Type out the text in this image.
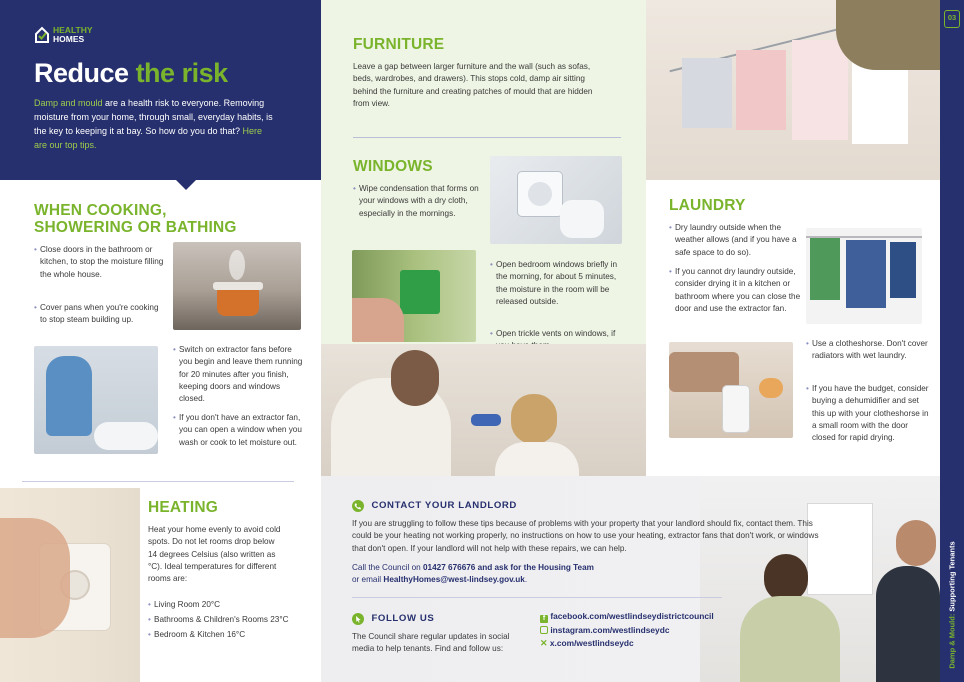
HEALTHY
HOMES
Reduce the risk
Damp and mould are a health risk to everyone. Removing moisture from your home, through small, everyday habits, is the key to keeping it at bay. So how do you do that? Here are our top tips.
WHEN COOKING,
SHOWERING OR BATHING
• Close doors in the bathroom or kitchen, to stop the moisture filling the whole house.
• Cover pans when you're cooking to stop steam building up.
• Switch on extractor fans before you begin and leave them running for 20 minutes after you finish, keeping doors and windows closed.
• If you don't have an extractor fan, you can open a window when you wash or cook to let moisture out.
HEATING

Heat your home evenly to avoid cold spots. Do not let rooms drop below 14 degrees Celsius (also written as °C). Ideal temperatures for different rooms are:

• Living Room 20°C
• Bathrooms & Children's Rooms 23°C
• Bedroom & Kitchen 16°C
FURNITURE

Leave a gap between larger furniture and the wall (such as sofas, beds, wardrobes, and drawers). This stops cold, damp air sitting behind the furniture and creating patches of mould that are hidden from view.

WINDOWS
• Wipe condensation that forms on your windows with a dry cloth, especially in the mornings.
• Open bedroom windows briefly in the morning, for about 5 minutes, the moisture in the room will be released outside.
• Open trickle vents on windows, if
LAUNDRY
• Dry laundry outside when the weather allows (and if you have a safe space to do so).
• If you cannot dry laundry outside, consider drying it in a kitchen or bathroom where you can close the door and use the extractor fan.
• Use a clotheshorse. Don't cover radiators with wet laundry.
• If you have the budget, consider buying a dehumidifier and set this up with your clotheshorse in a small room with the door closed for rapid drying.
CONTACT YOUR LANDLORD

If you are struggling to follow these tips because of problems with your property that your landlord should fix, contact them. This could be your heating not working properly, no instructions on how to use your heating, extractor fans that don't work, or windows that don't open. If your landlord will not help with these repairs, we can help.

Call the Council on 01427 676676 and ask for the Housing Team
or email HealthyHomes@west-lindsey.gov.uk.
FOLLOW US

The Council share regular updates in social media to help tenants. Find and follow us:

f facebook.com/westlindseydistrictcouncil
instagram.com/westlindseydc
✕ x.com/westlindseydc
03
Damp & Mould: Supporting Tenants
